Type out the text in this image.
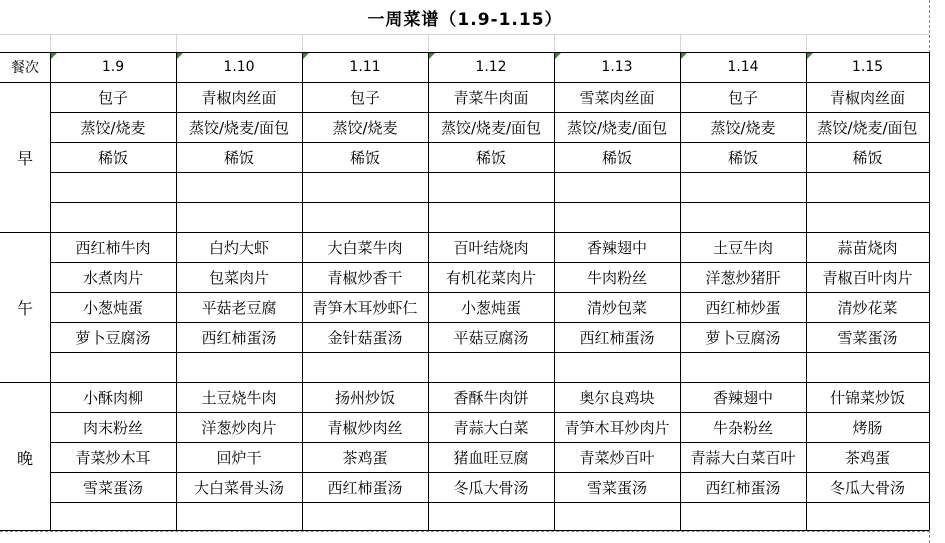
一周菜谱（1.9-1.15）
餐次	1.9	1.10	1.11	1.12	1.13	1.14	1.15
早
包子	青椒肉丝面	包子	青菜牛肉面	雪菜肉丝面	包子	青椒肉丝面
蒸饺/烧麦	蒸饺/烧麦/面包	蒸饺/烧麦	蒸饺/烧麦/面包	蒸饺/烧麦/面包	蒸饺/烧麦	蒸饺/烧麦/面包
稀饭	稀饭	稀饭	稀饭	稀饭	稀饭	稀饭
午
西红柿牛肉	白灼大虾	大白菜牛肉	百叶结烧肉	香辣翅中	土豆牛肉	蒜苗烧肉
水煮肉片	包菜肉片	青椒炒香干	有机花菜肉片	牛肉粉丝	洋葱炒猪肝	青椒百叶肉片
小葱炖蛋	平菇老豆腐	青笋木耳炒虾仁	小葱炖蛋	清炒包菜	西红柿炒蛋	清炒花菜
萝卜豆腐汤	西红柿蛋汤	金针菇蛋汤	平菇豆腐汤	西红柿蛋汤	萝卜豆腐汤	雪菜蛋汤
晚
小酥肉柳	土豆烧牛肉	扬州炒饭	香酥牛肉饼	奥尔良鸡块	香辣翅中	什锦菜炒饭
肉末粉丝	洋葱炒肉片	青椒炒肉丝	青蒜大白菜	青笋木耳炒肉片	牛杂粉丝	烤肠
青菜炒木耳	回炉干	茶鸡蛋	猪血旺豆腐	青菜炒百叶	青蒜大白菜百叶	茶鸡蛋
雪菜蛋汤	大白菜骨头汤	西红柿蛋汤	冬瓜大骨汤	雪菜蛋汤	西红柿蛋汤	冬瓜大骨汤
